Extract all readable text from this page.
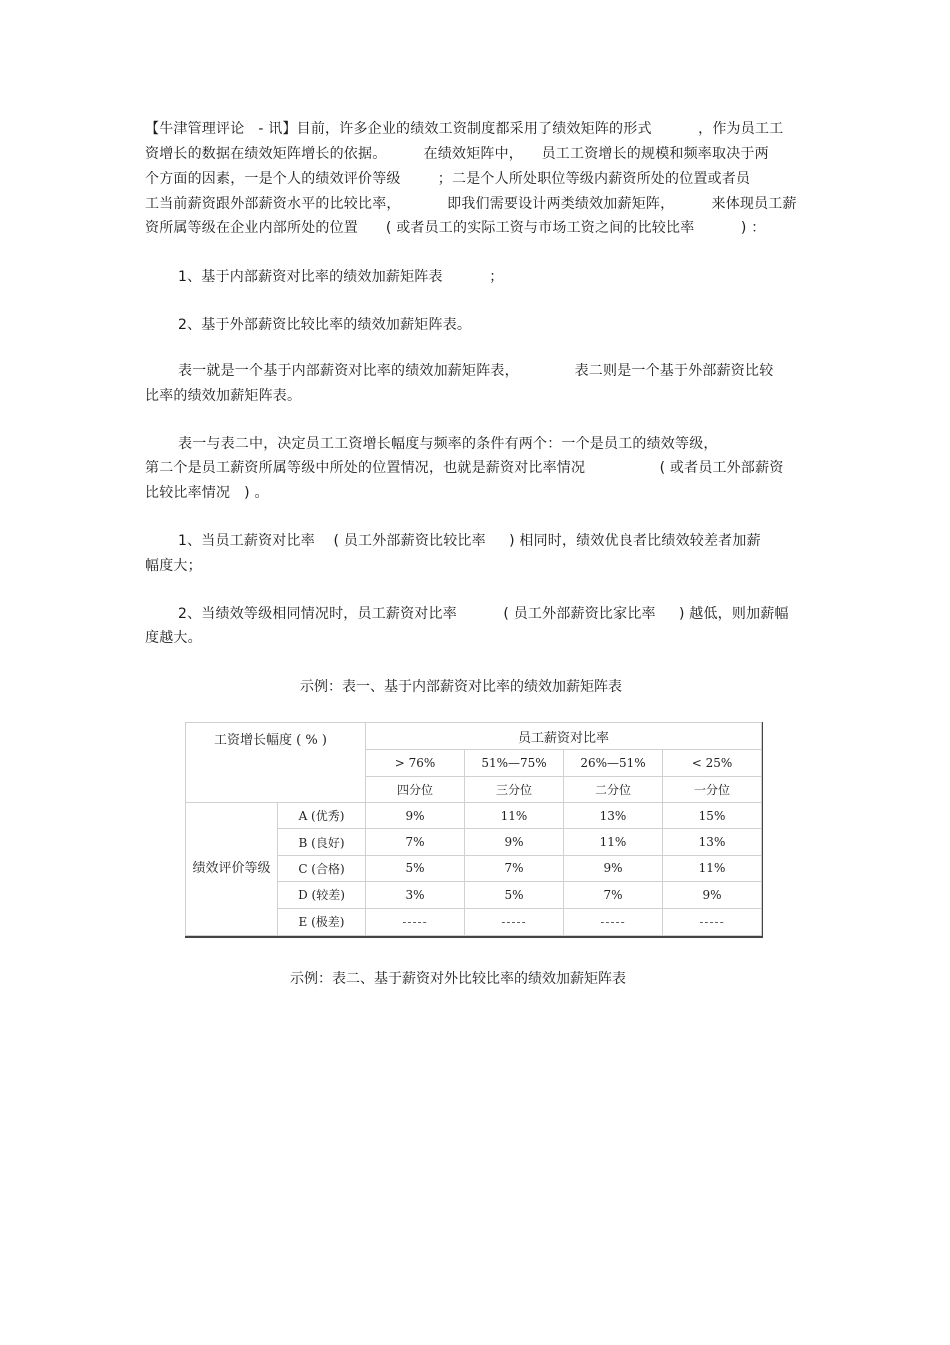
【牛津管理评论   - 讯】目前，许多企业的绩效工资制度都采用了绩效矩阵的形式          ，作为员工工
资增长的数据在绩效矩阵增长的依据。        在绩效矩阵中，    员工工资增长的规模和频率取决于两
个方面的因素，一是个人的绩效评价等级        ；二是个人所处职位等级内薪资所处的位置或者员
工当前薪资跟外部薪资水平的比较比率，          即我们需要设计两类绩效加薪矩阵，        来体现员工薪
资所属等级在企业内部所处的位置      ( 或者员工的实际工资与市场工资之间的比较比率          ) ：
1、基于内部薪资对比率的绩效加薪矩阵表          ；
2、基于外部薪资比较比率的绩效加薪矩阵表。
表一就是一个基于内部薪资对比率的绩效加薪矩阵表，            表二则是一个基于外部薪资比较
比率的绩效加薪矩阵表。
表一与表二中，决定员工工资增长幅度与频率的条件有两个：一个是员工的绩效等级，
第二个是员工薪资所属等级中所处的位置情况，也就是薪资对比率情况                ( 或者员工外部薪资
比较比率情况   ) 。
1、当员工薪资对比率    ( 员工外部薪资比较比率     ) 相同时，绩效优良者比绩效较差者加薪
幅度大；
2、当绩效等级相同情况时，员工薪资对比率          ( 员工外部薪资比家比率     ) 越低，则加薪幅
度越大。
示例：表一、基于内部薪资对比率的绩效加薪矩阵表
工资增长幅度 ( % )		员工薪资对比率			
		> 76%	51%—75%	26%—51%	< 25%
		四分位	三分位	二分位	一分位
绩效评价等级	A (优秀)	9%	11%	13%	15%
	B (良好)	7%	9%	11%	13%
	C (合格)	5%	7%	9%	11%
	D (较差)	3%	5%	7%	9%
	E (极差)	-----	-----	-----	-----
示例：表二、基于薪资对外比较比率的绩效加薪矩阵表
